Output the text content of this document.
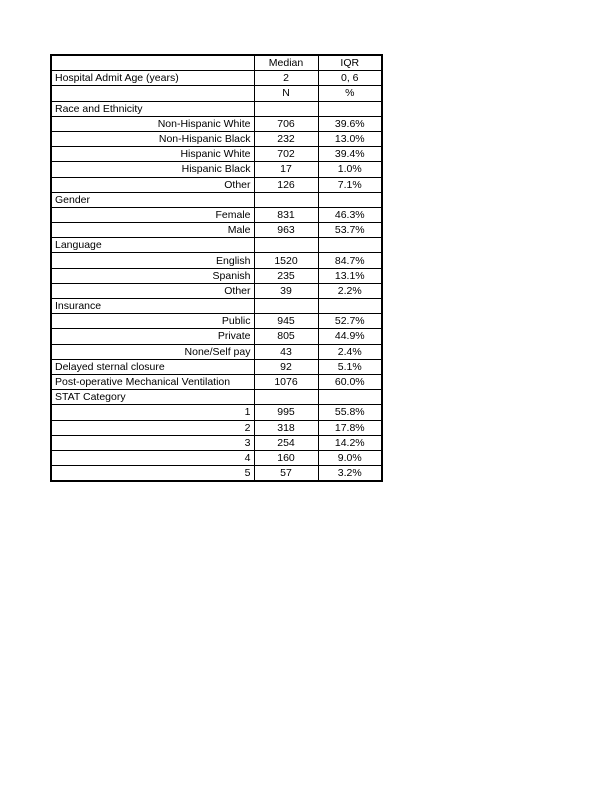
	Median	IQR
Hospital Admit Age (years)	2	0, 6
	N	%
Race and Ethnicity		
Non-Hispanic White	706	39.6%
Non-Hispanic Black	232	13.0%
Hispanic White	702	39.4%
Hispanic Black	17	1.0%
Other	126	7.1%
Gender		
Female	831	46.3%
Male	963	53.7%
Language		
English	1520	84.7%
Spanish	235	13.1%
Other	39	2.2%
Insurance		
Public	945	52.7%
Private	805	44.9%
None/Self pay	43	2.4%
Delayed sternal closure	92	5.1%
Post-operative Mechanical Ventilation	1076	60.0%
STAT Category		
1	995	55.8%
2	318	17.8%
3	254	14.2%
4	160	9.0%
5	57	3.2%
